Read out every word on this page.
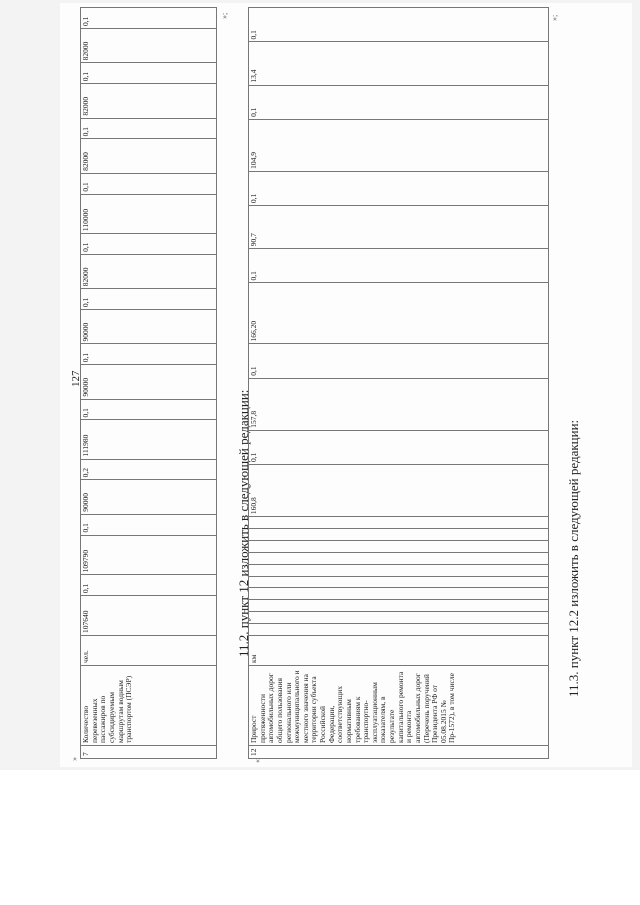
127
»
7	Количество перевезенных пассажиров по субсидируемым маршрутам водным транспортом (ПСЭР)	чел.	107640	0,1	109790	0,1	90000	0,2	111980	0,1	90000	0,1	90000	0,1	82000	0,1	110000	0,1	82000	0,1	82000	0,1	82000	0,1
»;
11.2. пункт 12 изложить в следующей редакции:
«
12	Прирост протяженности автомобильных дорог общего пользования регионального или межмуниципального и местного значения на территории субъекта Российской Федерации, соответствующих нормативным требованиям к транспортно-эксплуатационным показателям, в результате капитального ремонта и ремонта автомобильных дорог (Перечень поручений Президента РФ от 05.08.2015 № Пр-1572), в том числе	км											160,8	0,1	157,8	0,1	166,20	0,1	90,7	0,1	104,9	0,1	13,4	0,1
»;
11.3. пункт 12.2 изложить в следующей редакции:
